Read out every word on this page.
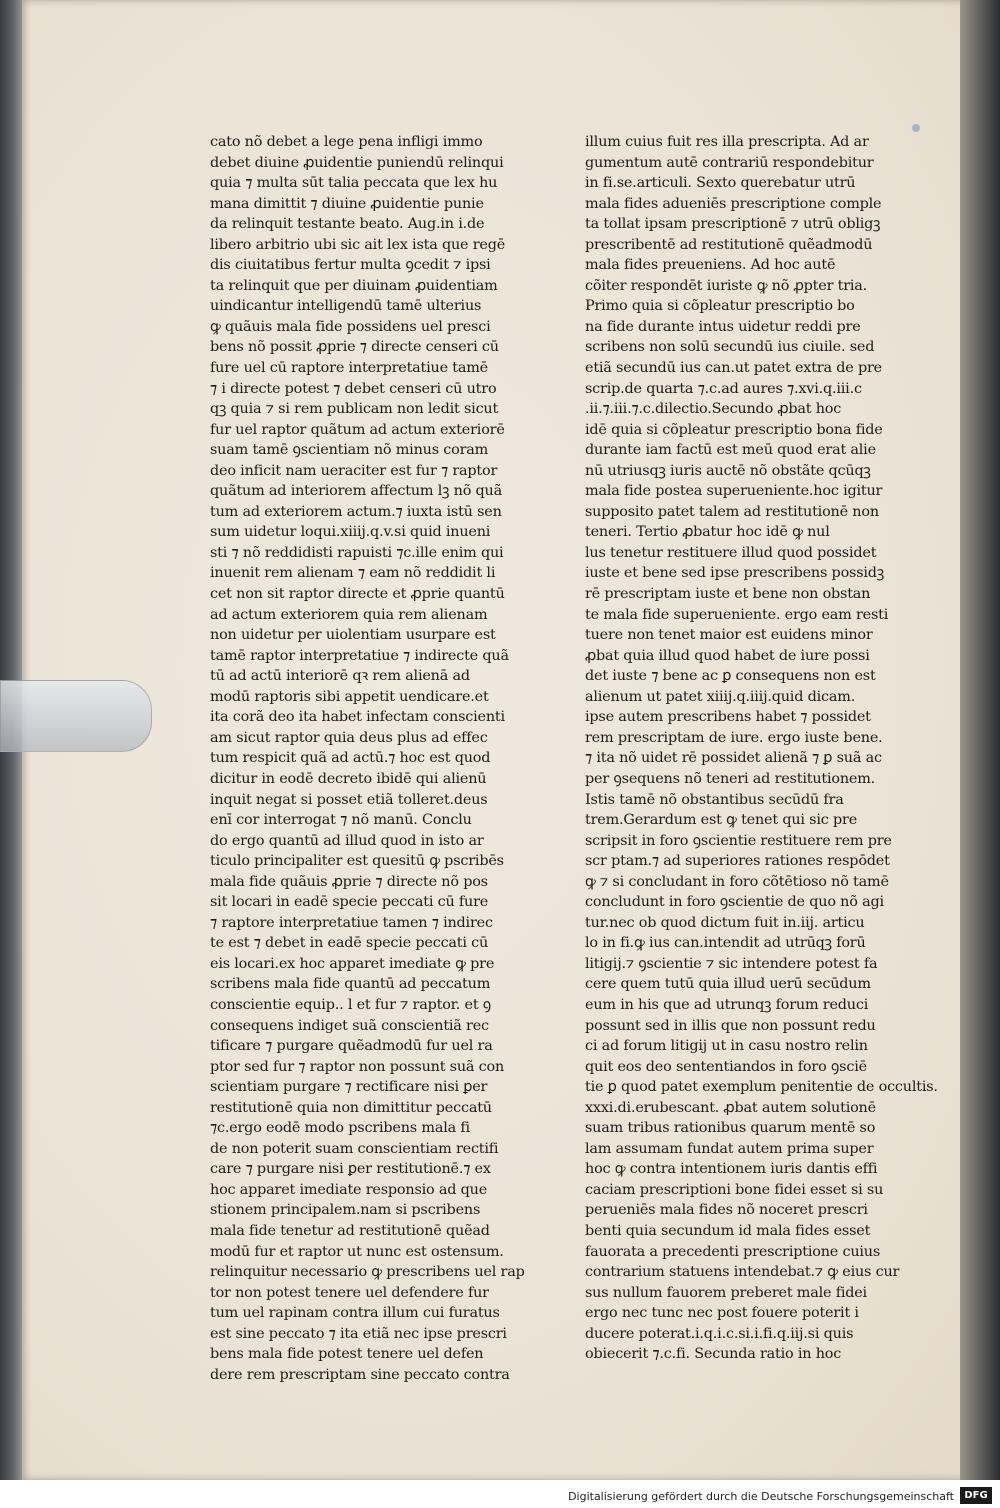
cato nõ debet a lege pena infligi immo
debet diuine ꝓuidentie puniendū relinqui
quia ⁊ multa sūt talia peccata que lex hu
mana dimittit ⁊ diuine ꝓuidentie punie
da relinquit testante beato. Aug.in i.de
libero arbitrio ubi sic ait lex ista que regē
dis ciuitatibus fertur multa ꝯcedit ⁊ ipsi
ta relinquit que per diuinam ꝓuidentiam
uindicantur intelligendū tamē ulterius
ꝙ quãuis mala fide possidens uel presci
bens nõ possit ꝓprie ⁊ directe censeri cū
fure uel cū raptore interpretatiue tamē
⁊ i directe potest ⁊ debet censeri cū utro
qꝫ quia ⁊ si rem publicam non ledit sicut
fur uel raptor quãtum ad actum exteriorē
suam tamē ꝯscientiam nõ minus coram
deo inficit nam ueraciter est fur ⁊ raptor
quãtum ad interiorem affectum lꝫ nõ quã
tum ad exteriorem actum.⁊ iuxta istū sen
sum uidetur loqui.xiiij.q.v.si quid inueni
sti ⁊ nõ reddidisti rapuisti ⁊c.ille enim qui
inuenit rem alienam ⁊ eam nõ reddidit li
cet non sit raptor directe et ꝓprie quantū
ad actum exteriorem quia rem alienam
non uidetur per uiolentiam usurpare est
tamē raptor interpretatiue ⁊ indirecte quã
tū ad actū interiorē qꝛ rem alienā ad
modū raptoris sibi appetit uendicare.et
ita corã deo ita habet infectam conscienti
am sicut raptor quia deus plus ad effec
tum respicit quã ad actū.⁊ hoc est quod
dicitur in eodē decreto ibidē qui alienū
inquit negat si posset etiã tolleret.deus
enī cor interrogat ⁊ nõ manū. Conclu
do ergo quantū ad illud quod in isto ar
ticulo principaliter est quesitū ꝙ pscribēs
mala fide quãuis ꝓprie ⁊ directe nõ pos
sit locari in eadē specie peccati cū fure
⁊ raptore interpretatiue tamen ⁊ indirec
te est ⁊ debet in eadē specie peccati cū
eis locari.ex hoc apparet imediate ꝙ pre
scribens mala fide quantū ad peccatum
conscientie equip.. l et fur ⁊ raptor. et ꝯ
consequens indiget suã conscientiã rec
tificare ⁊ purgare quẽadmodū fur uel ra
ptor sed fur ⁊ raptor non possunt suã con
scientiam purgare ⁊ rectificare nisi ꝑer
restitutionē quia non dimittitur peccatū
⁊c.ergo eodē modo pscribens mala fi
de non poterit suam conscientiam rectifi
care ⁊ purgare nisi ꝑer restitutionē.⁊ ex
hoc apparet imediate responsio ad que
stionem principalem.nam si pscribens
mala fide tenetur ad restitutionē quẽad
modū fur et raptor ut nunc est ostensum.
relinquitur necessario ꝙ prescribens uel rap
tor non potest tenere uel defendere fur
tum uel rapinam contra illum cui furatus
est sine peccato ⁊ ita etiã nec ipse prescri
bens mala fide potest tenere uel defen
dere rem prescriptam sine peccato contra
illum cuius fuit res illa prescripta. Ad ar
gumentum autē contrariū respondebitur
in fi.se.articuli. Sexto querebatur utrū
mala fides adueniēs prescriptione comple
ta tollat ipsam prescriptionē ⁊ utrū obligꝫ
prescribentē ad restitutionē quẽadmodū
mala fides preueniens. Ad hoc autē
cõiter respondēt iuriste ꝙ nõ ꝓpter tria.
Primo quia si cõpleatur prescriptio bo
na fide durante intus uidetur reddi pre
scribens non solū secundū ius ciuile. sed
etiã secundū ius can.ut patet extra de pre
scrip.de quarta ⁊.c.ad aures ⁊.xvi.q.iii.c
.ii.⁊.iii.⁊.c.dilectio.Secundo ꝓbat hoc
idē quia si cõpleatur prescriptio bona fide
durante iam factū est meū quod erat alie
nū utriusqꝫ iuris auctē nõ obstãte qcūqꝫ
mala fide postea superueniente.hoc igitur
supposito patet talem ad restitutionē non
teneri. Tertio ꝓbatur hoc idē ꝙ nul
lus tenetur restituere illud quod possidet
iuste et bene sed ipse prescribens possidꝫ
rē prescriptam iuste et bene non obstan
te mala fide superueniente. ergo eam resti
tuere non tenet maior est euidens minor
ꝓbat quia illud quod habet de iure possi
det iuste ⁊ bene ac ꝑ consequens non est
alienum ut patet xiiij.q.iiij.quid dicam.
ipse autem prescribens habet ⁊ possidet
rem prescriptam de iure. ergo iuste bene.
⁊ ita nõ uidet rē possidet alienã ⁊ ꝑ suã ac
per ꝯsequens nõ teneri ad restitutionem.
Istis tamē nõ obstantibus secūdū fra
trem.Gerardum est ꝙ tenet qui sic pre
scripsit in foro ꝯscientie restituere rem pre
scr ptam.⁊ ad superiores rationes respōdet
ꝙ ⁊ si concludant in foro cõtētioso nõ tamē
concludunt in foro ꝯscientie de quo nõ agi
tur.nec ob quod dictum fuit in.iij. articu
lo in fi.ꝙ ius can.intendit ad utrūqꝫ forū
litigij.⁊ ꝯscientie ⁊ sic intendere potest fa
cere quem tutū quia illud uerū secūdum
eum in his que ad utrunqꝫ forum reduci
possunt sed in illis que non possunt redu
ci ad forum litigij ut in casu nostro relin
quit eos deo sententiandos in foro ꝯsciē
tie ꝑ quod patet exemplum penitentie de occultis.
xxxi.di.erubescant. ꝓbat autem solutionē
suam tribus rationibus quarum mentē so
lam assumam fundat autem prima super
hoc ꝙ contra intentionem iuris dantis effi
caciam prescriptioni bone fidei esset si su
perueniēs mala fides nõ noceret prescri
benti quia secundum id mala fides esset
fauorata a precedenti prescriptione cuius
contrarium statuens intendebat.⁊ ꝙ eius cur
sus nullum fauorem preberet male fidei
ergo nec tunc nec post fouere poterit i
ducere poterat.i.q.i.c.si.i.fi.q.iij.si quis
obiecerit ⁊.c.fi. Secunda ratio in hoc
Digitalisierung gefördert durch die Deutsche Forschungsgemeinschaft	DFG
